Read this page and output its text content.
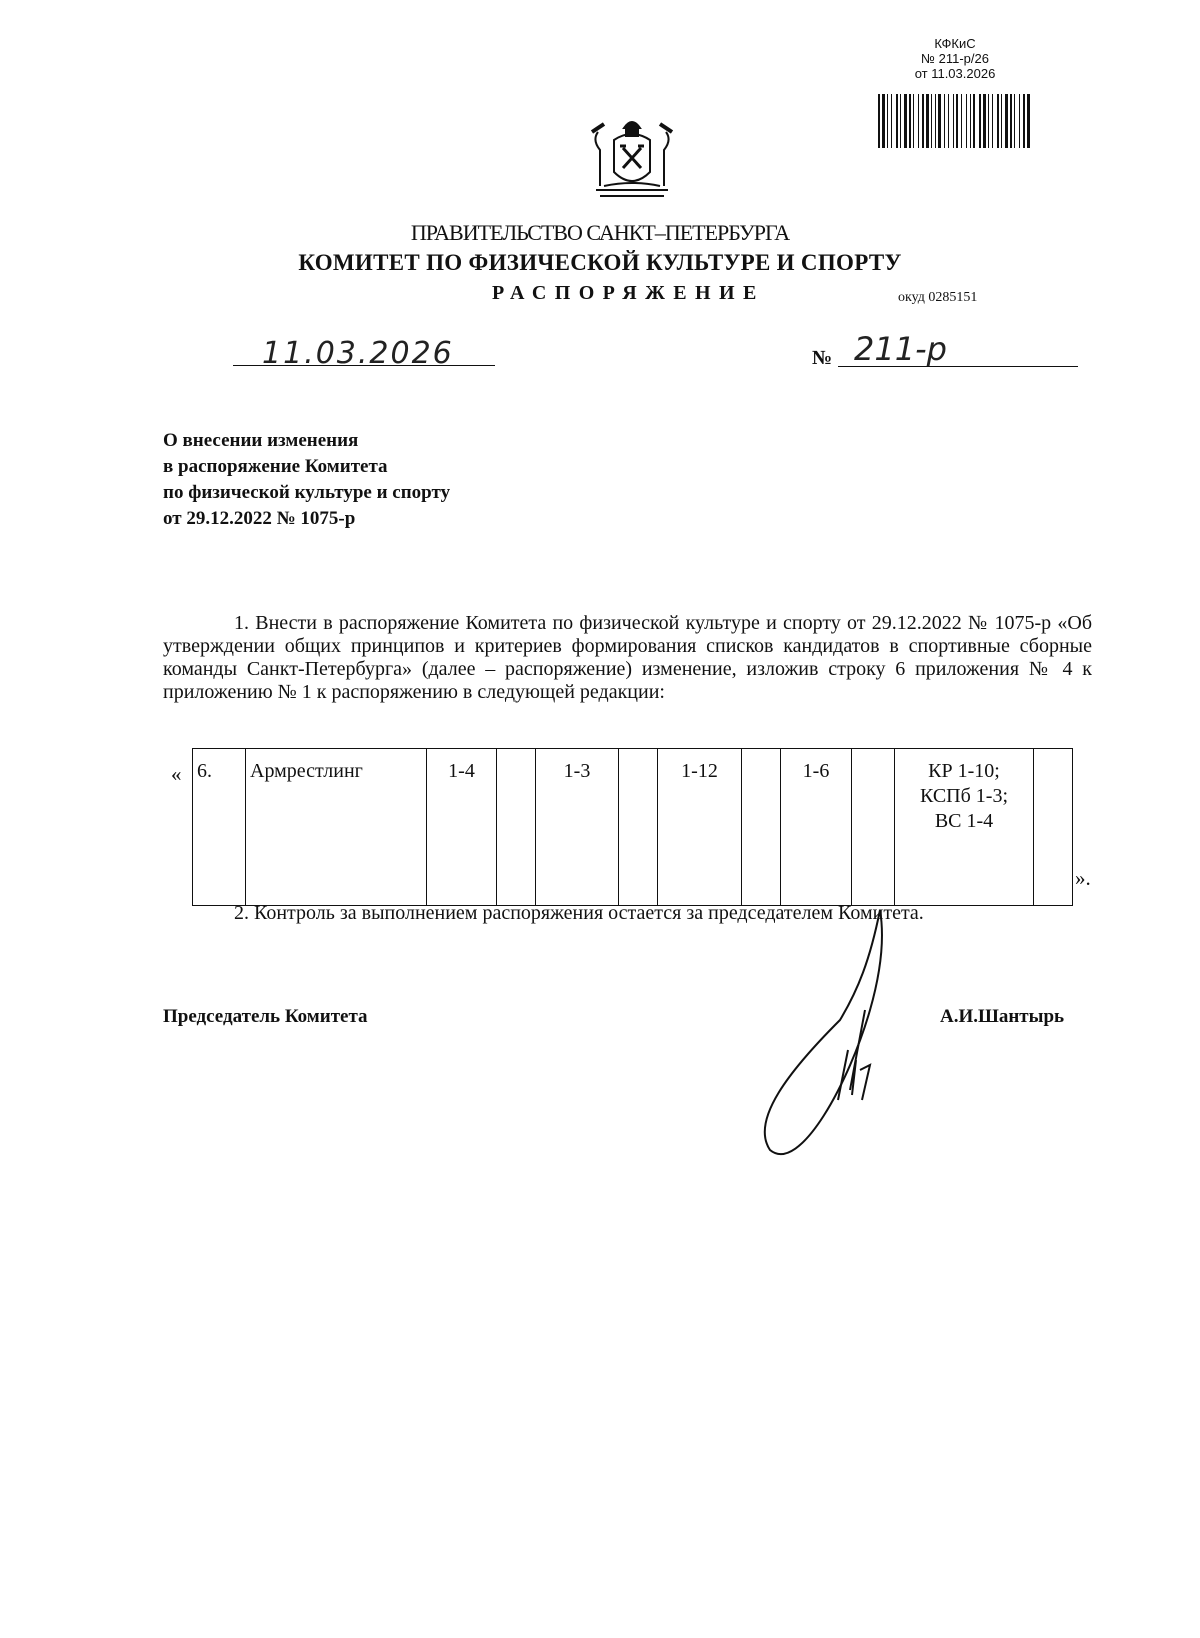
КФКиС
№ 211-р/26
от 11.03.2026
ПРАВИТЕЛЬСТВО САНКТ–ПЕТЕРБУРГА
КОМИТЕТ ПО ФИЗИЧЕСКОЙ КУЛЬТУРЕ И СПОРТУ
РАСПОРЯЖЕНИЕ	окуд 0285151
11.03.2026	№ 211-р
О внесении изменения
в распоряжение Комитета
по физической культуре и спорту
от 29.12.2022 № 1075-р
1. Внести в распоряжение Комитета по физической культуре и спорту от 29.12.2022 № 1075-р «Об утверждении общих принципов и критериев формирования списков кандидатов в спортивные сборные команды Санкт-Петербурга» (далее – распоряжение) изменение, изложив строку 6 приложения № 4 к приложению № 1 к распоряжению в следующей редакции:
« 6.	Армрестлинг	1-4		1-3		1-12		1-6		КР 1-10;
КСПб 1-3;
ВС 1-4

».
2. Контроль за выполнением распоряжения остается за председателем Комитета.
Председатель Комитета	А.И.Шантырь
